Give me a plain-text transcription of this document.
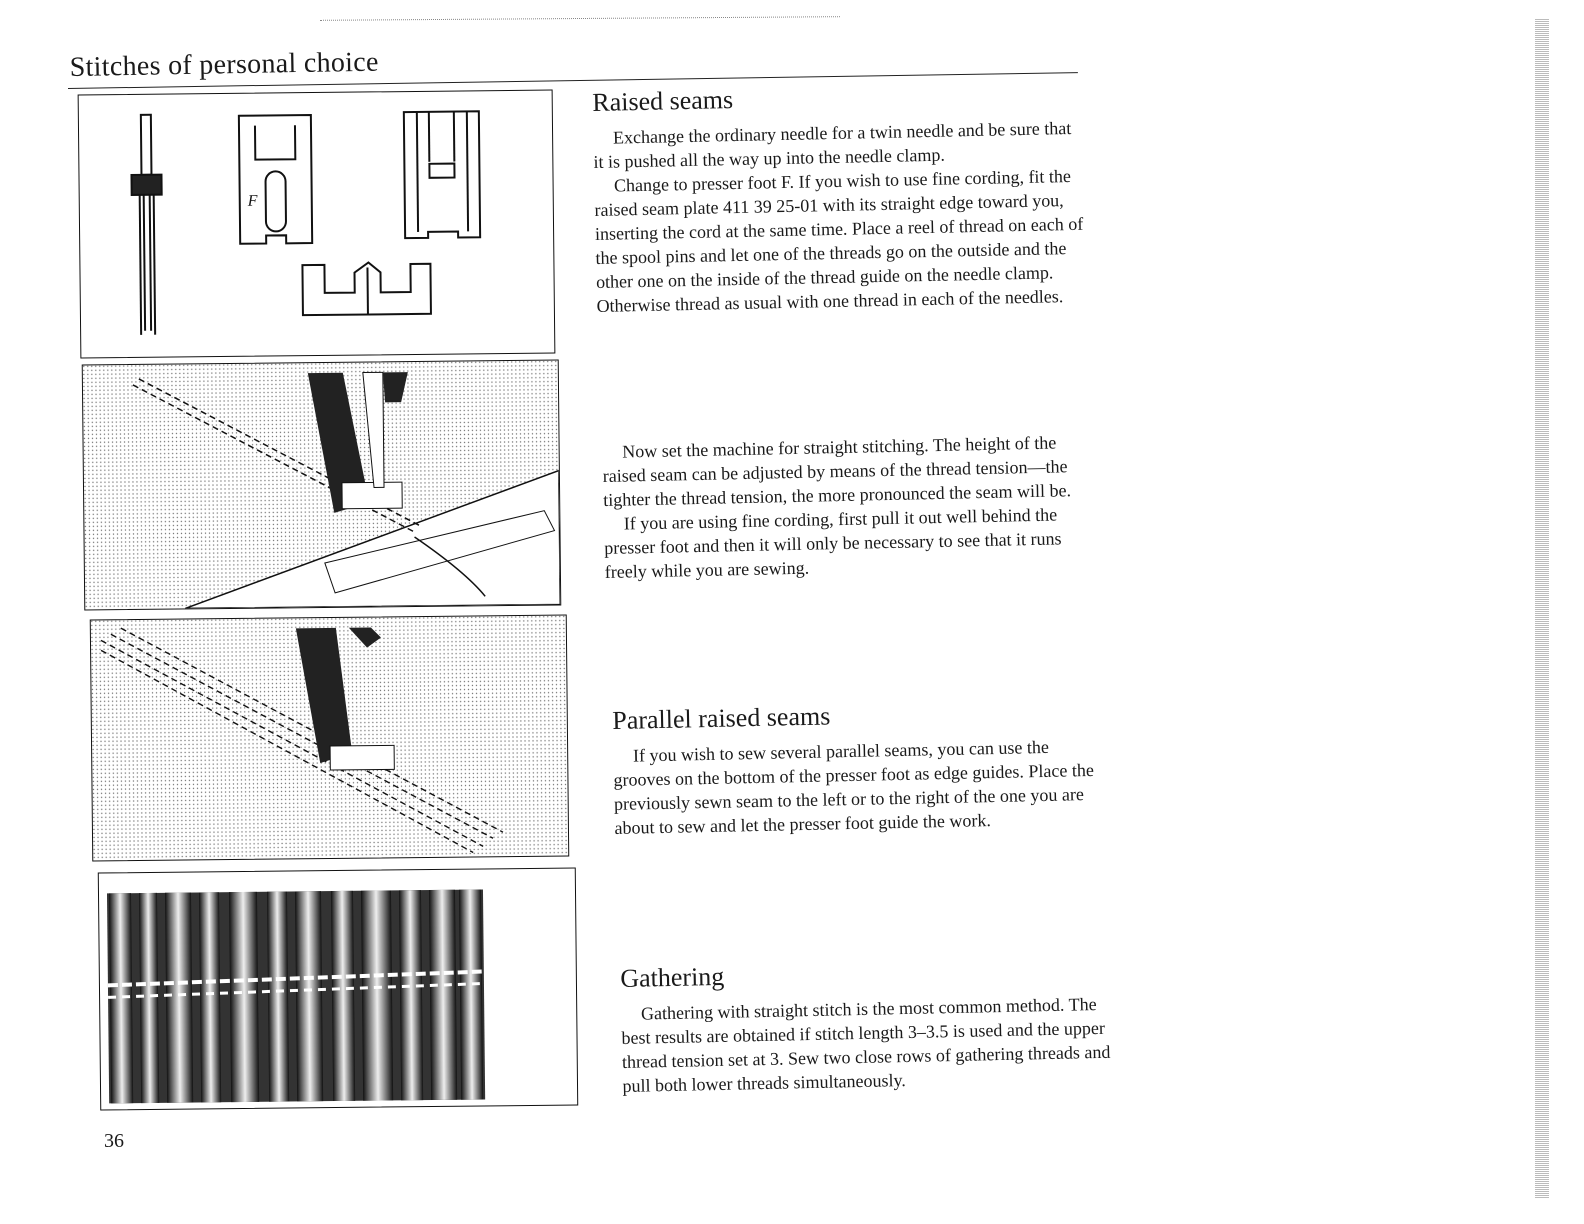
Stitches of personal choice
F
Raised seams

Exchange the ordinary needle for a twin needle and be sure that it is pushed all the way up into the needle clamp.

Change to presser foot F. If you wish to use fine cording, fit the raised seam plate 411 39 25-01 with its straight edge toward you, inserting the cord at the same time. Place a reel of thread on each of the spool pins and let one of the threads go on the outside and the other one on the inside of the thread guide on the needle clamp. Otherwise thread as usual with one thread in each of the needles.

Now set the machine for straight stitching. The height of the raised seam can be adjusted by means of the thread tension—the tighter the thread tension, the more pronounced the seam will be.

If you are using fine cording, first pull it out well behind the presser foot and then it will only be necessary to see that it runs freely while you are sewing.

Parallel raised seams

If you wish to sew several parallel seams, you can use the grooves on the bottom of the presser foot as edge guides. Place the previously sewn seam to the left or to the right of the one you are about to sew and let the presser foot guide the work.

Gathering

Gathering with straight stitch is the most common method. The best results are obtained if stitch length 3–3.5 is used and the upper thread tension set at 3. Sew two close rows of gathering threads and pull both lower threads simultaneously.

36
